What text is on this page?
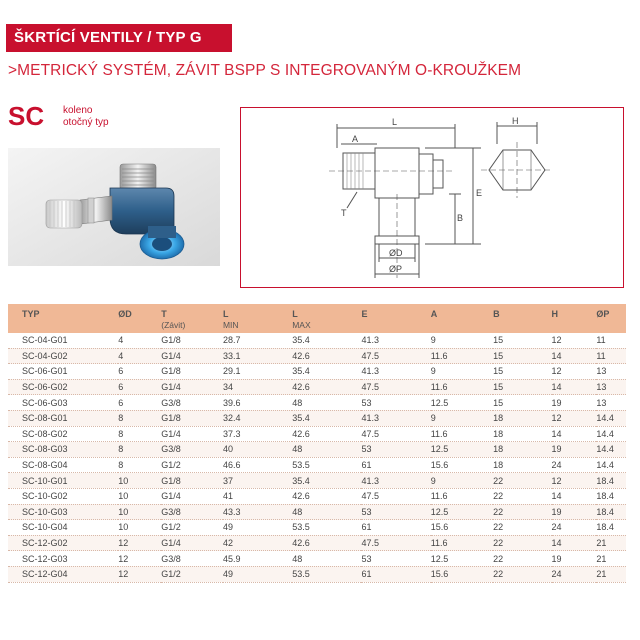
ŠKRTÍCÍ VENTILY / TYP G
>METRICKÝ SYSTÉM, ZÁVIT BSPP S INTEGROVANÝM O-KROUŽKEM
SC koleno
otočný typ	L
A
H
E
B
T
ØD
ØP
TYP	ØD	T	L	L	E	A	B	H	ØP
		(Závit)	MIN	MAX					
SC-04-G01	4	G1/8	28.7	35.4	41.3	9	15	12	11
SC-04-G02	4	G1/4	33.1	42.6	47.5	11.6	15	14	11
SC-06-G01	6	G1/8	29.1	35.4	41.3	9	15	12	13
SC-06-G02	6	G1/4	34	42.6	47.5	11.6	15	14	13
SC-06-G03	6	G3/8	39.6	48	53	12.5	15	19	13
SC-08-G01	8	G1/8	32.4	35.4	41.3	9	18	12	14.4
SC-08-G02	8	G1/4	37.3	42.6	47.5	11.6	18	14	14.4
SC-08-G03	8	G3/8	40	48	53	12.5	18	19	14.4
SC-08-G04	8	G1/2	46.6	53.5	61	15.6	18	24	14.4
SC-10-G01	10	G1/8	37	35.4	41.3	9	22	12	18.4
SC-10-G02	10	G1/4	41	42.6	47.5	11.6	22	14	18.4
SC-10-G03	10	G3/8	43.3	48	53	12.5	22	19	18.4
SC-10-G04	10	G1/2	49	53.5	61	15.6	22	24	18.4
SC-12-G02	12	G1/4	42	42.6	47.5	11.6	22	14	21
SC-12-G03	12	G3/8	45.9	48	53	12.5	22	19	21
SC-12-G04	12	G1/2	49	53.5	61	15.6	22	24	21
